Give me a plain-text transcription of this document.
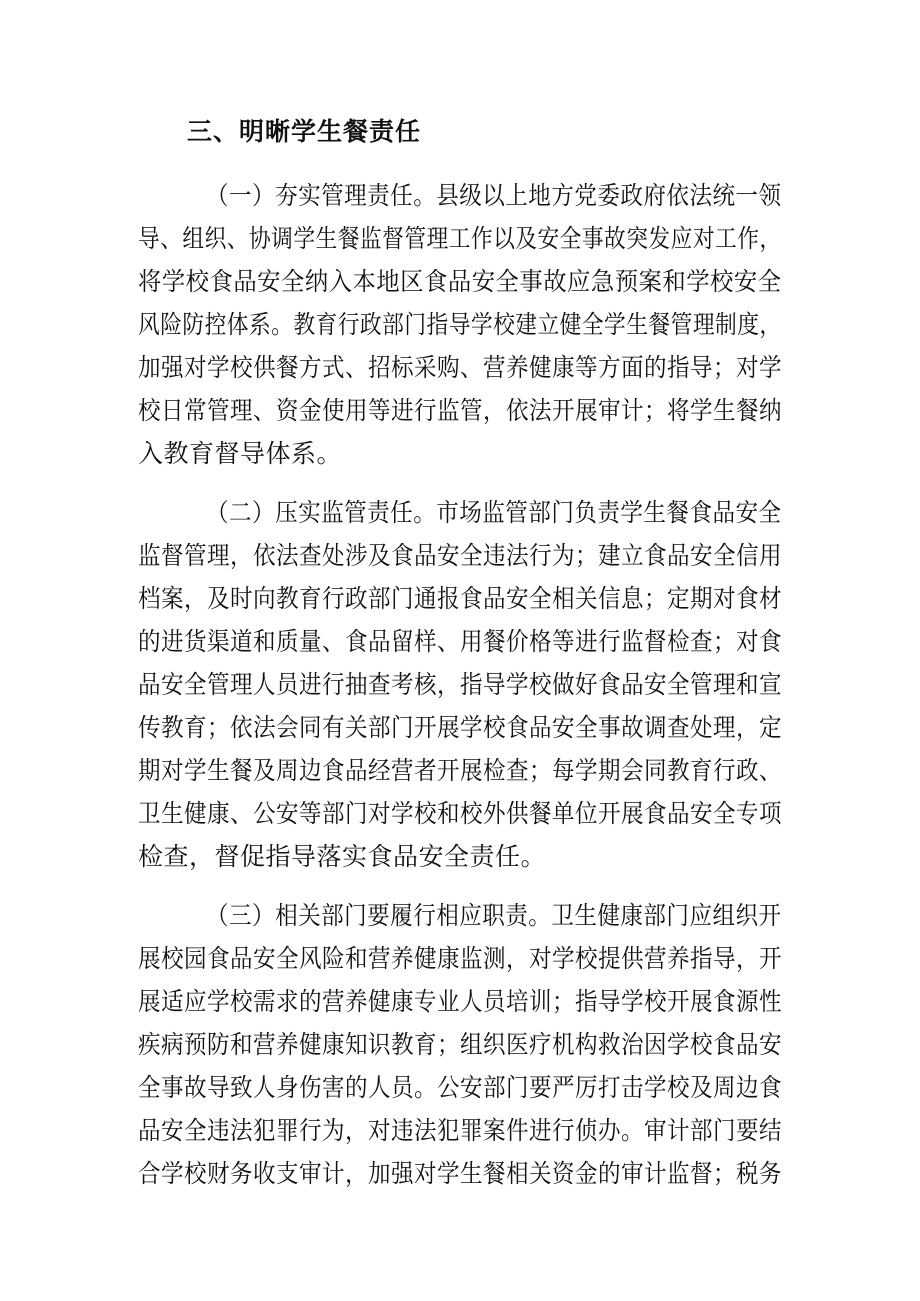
三、明晰学生餐责任
（一）夯实管理责任。县级以上地方党委政府依法统一领
导、组织、协调学生餐监督管理工作以及安全事故突发应对工作，
将学校食品安全纳入本地区食品安全事故应急预案和学校安全
风险防控体系。教育行政部门指导学校建立健全学生餐管理制度，
加强对学校供餐方式、招标采购、营养健康等方面的指导；对学
校日常管理、资金使用等进行监管，依法开展审计；将学生餐纳
入教育督导体系。
（二）压实监管责任。市场监管部门负责学生餐食品安全
监督管理，依法查处涉及食品安全违法行为；建立食品安全信用
档案，及时向教育行政部门通报食品安全相关信息；定期对食材
的进货渠道和质量、食品留样、用餐价格等进行监督检查；对食
品安全管理人员进行抽查考核，指导学校做好食品安全管理和宣
传教育；依法会同有关部门开展学校食品安全事故调查处理，定
期对学生餐及周边食品经营者开展检查；每学期会同教育行政、
卫生健康、公安等部门对学校和校外供餐单位开展食品安全专项
检查，督促指导落实食品安全责任。
（三）相关部门要履行相应职责。卫生健康部门应组织开
展校园食品安全风险和营养健康监测，对学校提供营养指导，开
展适应学校需求的营养健康专业人员培训；指导学校开展食源性
疾病预防和营养健康知识教育；组织医疗机构救治因学校食品安
全事故导致人身伤害的人员。公安部门要严厉打击学校及周边食
品安全违法犯罪行为，对违法犯罪案件进行侦办。审计部门要结
合学校财务收支审计，加强对学生餐相关资金的审计监督；税务
